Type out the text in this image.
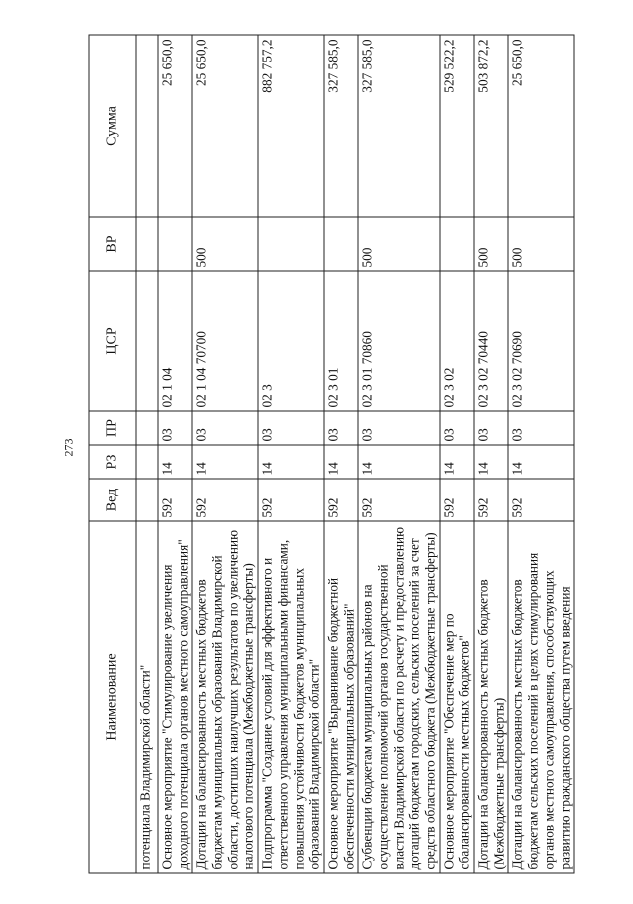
273
Наименование	Вед	РЗ	ПР	ЦСР	ВР	Сумма
потенциала Владимирской области"						
Основное мероприятие "Стимулирование увеличения доходного потенциала органов местного самоуправления"	592	14	03	02 1 04		25 650,0
Дотации на балансированность местных бюджетов бюджетам муниципальных образований Владимирской области, достигших наилучших результатов по увеличению налогового потенциала (Межбюджетные трансферты)	592	14	03	02 1 04 70700	500	25 650,0
Подпрограмма "Создание условий для эффективного и ответственного управления муниципальными финансами, повышения устойчивости бюджетов муниципальных образований Владимирской области"	592	14	03	02 3		882 757,2
Основное мероприятие "Выравнивание бюджетной обеспеченности муниципальных образований"	592	14	03	02 3 01		327 585,0
Субвенции бюджетам муниципальных районов на осуществление полномочий органов государственной власти Владимирской области по расчету и предоставлению дотаций бюджетам городских, сельских поселений за счет средств областного бюджета (Межбюджетные трансферты)	592	14	03	02 3 01 70860	500	327 585,0
Основное мероприятие "Обеспечение мер по сбалансированности местных бюджетов"	592	14	03	02 3 02		529 522,2
Дотации на балансированность местных бюджетов (Межбюджетные трансферты)	592	14	03	02 3 02 70440	500	503 872,2
Дотации на балансированность местных бюджетов бюджетам сельских поселений в целях стимулирования органов местного самоуправления, способствующих развитию гражданского общества путем введения	592	14	03	02 3 02 70690	500	25 650,0
